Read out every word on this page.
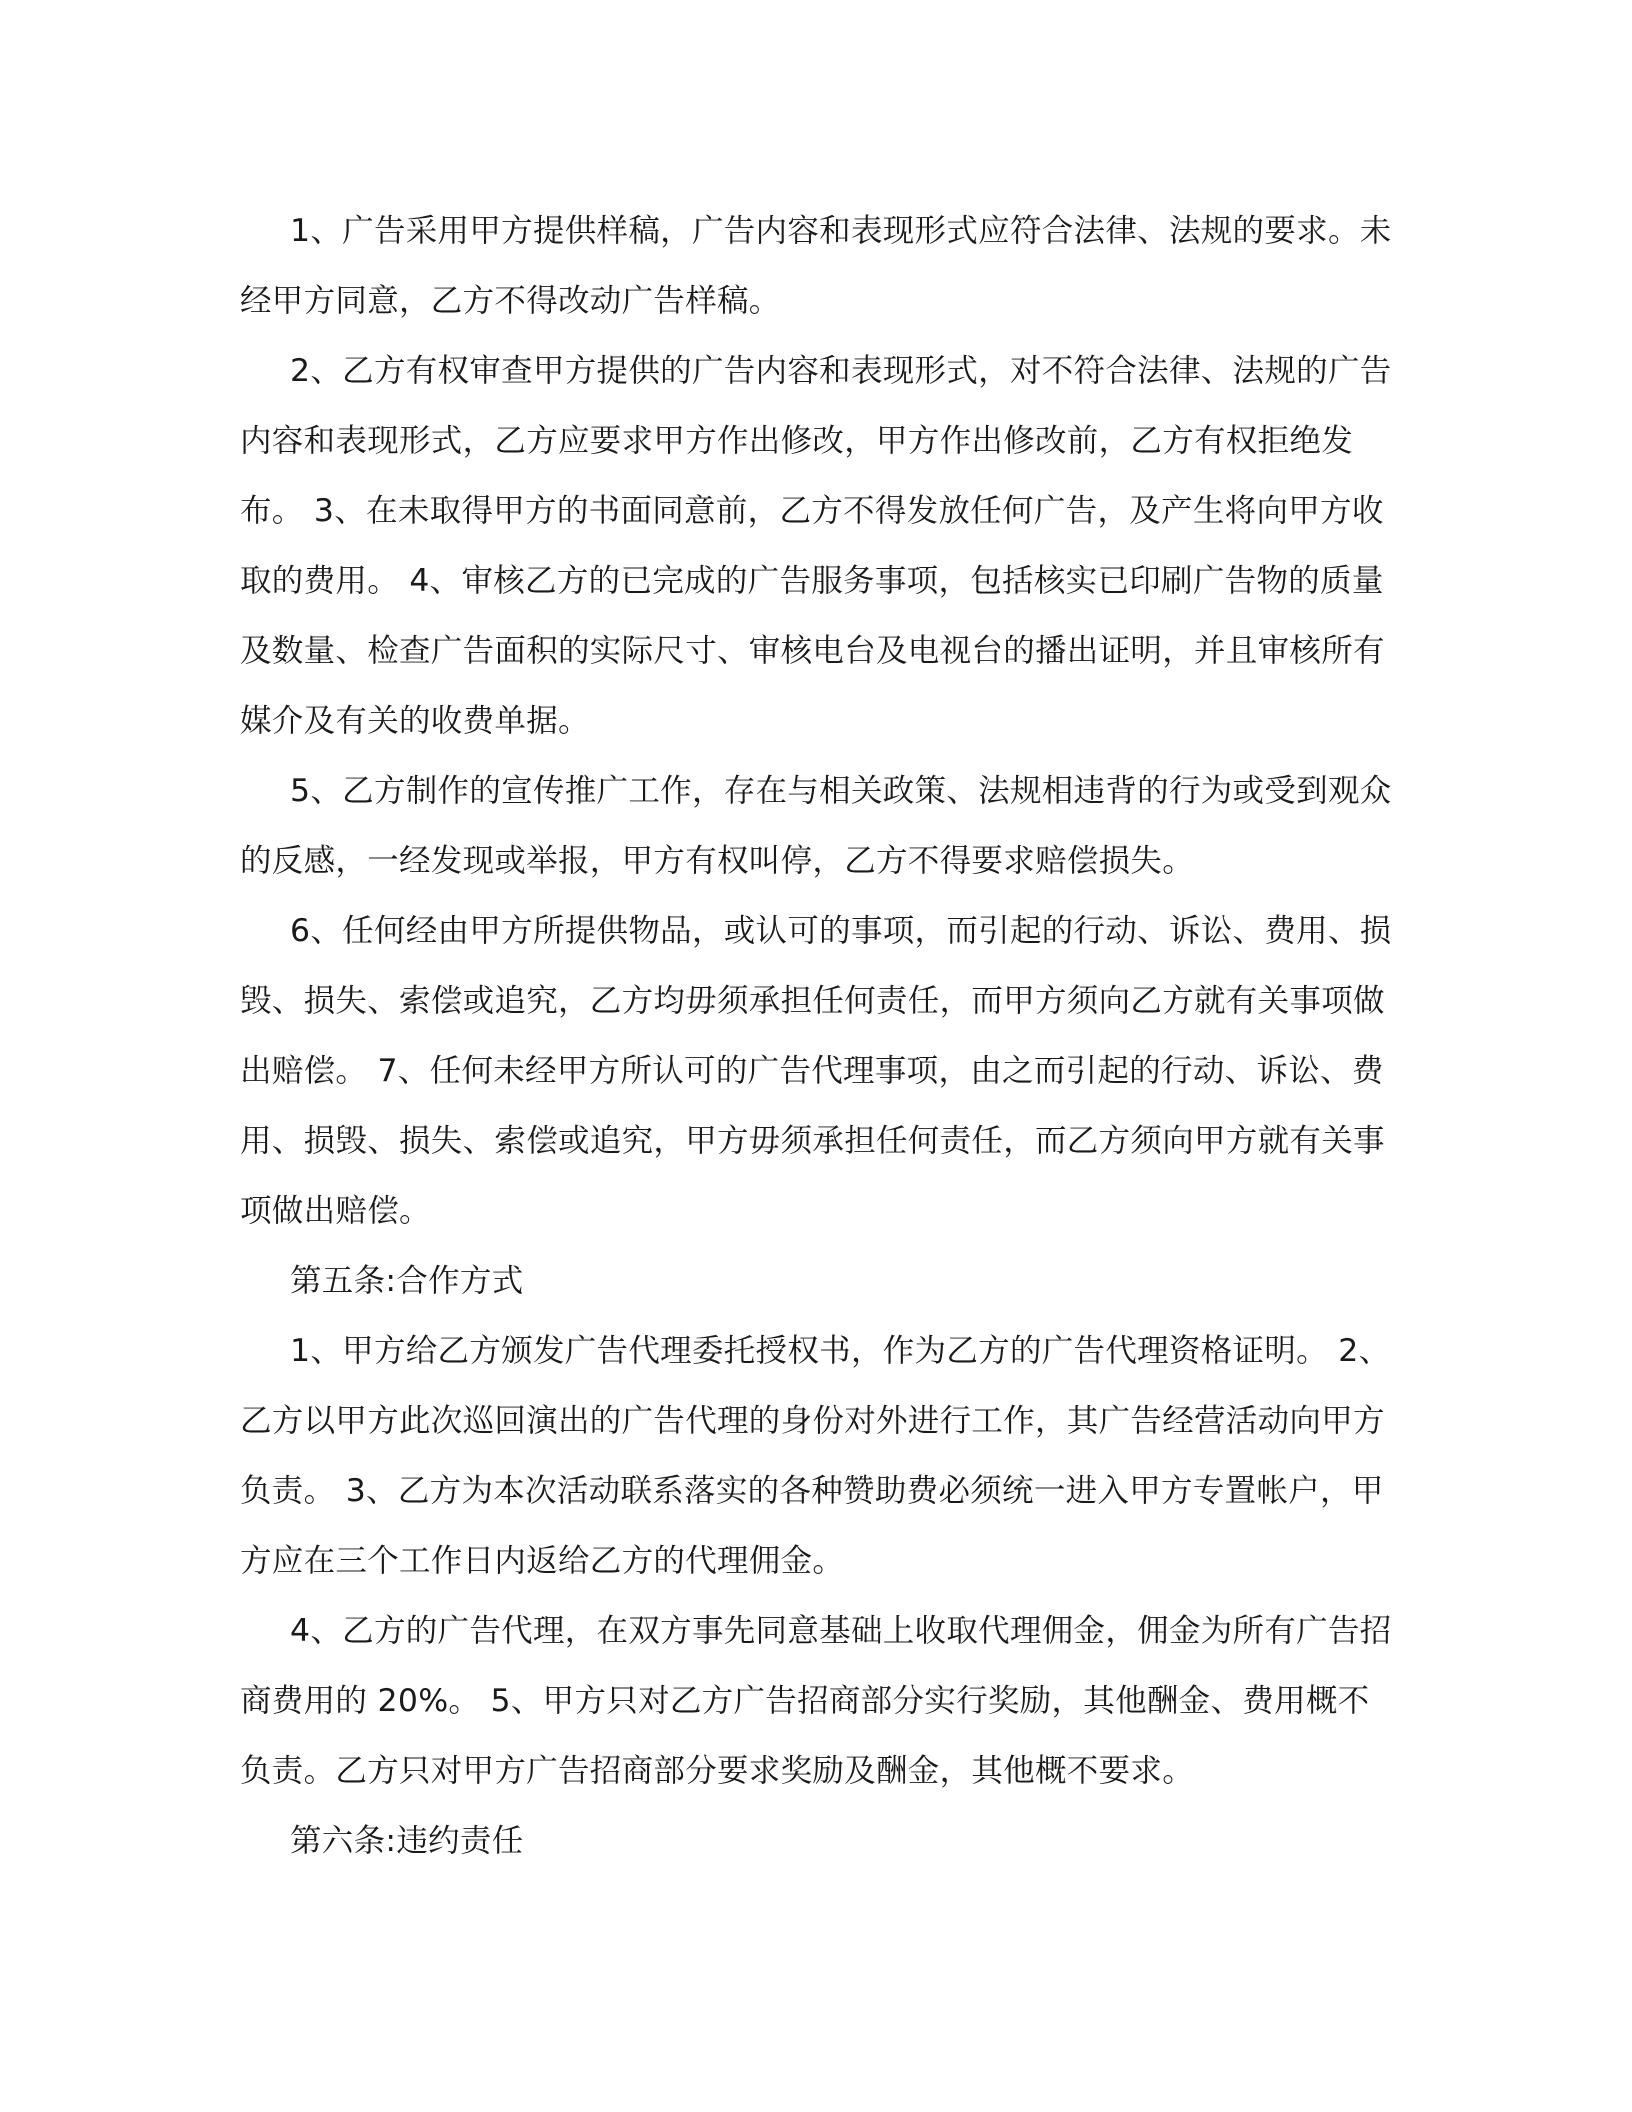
1、广告采用甲方提供样稿，广告内容和表现形式应符合法律、法规的要求。未经甲方同意，乙方不得改动广告样稿。

2、乙方有权审查甲方提供的广告内容和表现形式，对不符合法律、法规的广告内容和表现形式，乙方应要求甲方作出修改，甲方作出修改前，乙方有权拒绝发布。 3、在未取得甲方的书面同意前，乙方不得发放任何广告，及产生将向甲方收取的费用。 4、审核乙方的已完成的广告服务事项，包括核实已印刷广告物的质量及数量、检查广告面积的实际尺寸、审核电台及电视台的播出证明，并且审核所有媒介及有关的收费单据。

5、乙方制作的宣传推广工作，存在与相关政策、法规相违背的行为或受到观众的反感，一经发现或举报，甲方有权叫停，乙方不得要求赔偿损失。

6、任何经由甲方所提供物品，或认可的事项，而引起的行动、诉讼、费用、损毁、损失、索偿或追究，乙方均毋须承担任何责任，而甲方须向乙方就有关事项做出赔偿。 7、任何未经甲方所认可的广告代理事项，由之而引起的行动、诉讼、费用、损毁、损失、索偿或追究，甲方毋须承担任何责任，而乙方须向甲方就有关事项做出赔偿。

第五条:合作方式

1、甲方给乙方颁发广告代理委托授权书，作为乙方的广告代理资格证明。 2、乙方以甲方此次巡回演出的广告代理的身份对外进行工作，其广告经营活动向甲方负责。 3、乙方为本次活动联系落实的各种赞助费必须统一进入甲方专置帐户，甲方应在三个工作日内返给乙方的代理佣金。

4、乙方的广告代理，在双方事先同意基础上收取代理佣金，佣金为所有广告招商费用的 20%。 5、甲方只对乙方广告招商部分实行奖励，其他酬金、费用概不负责。乙方只对甲方广告招商部分要求奖励及酬金，其他概不要求。

第六条:违约责任
